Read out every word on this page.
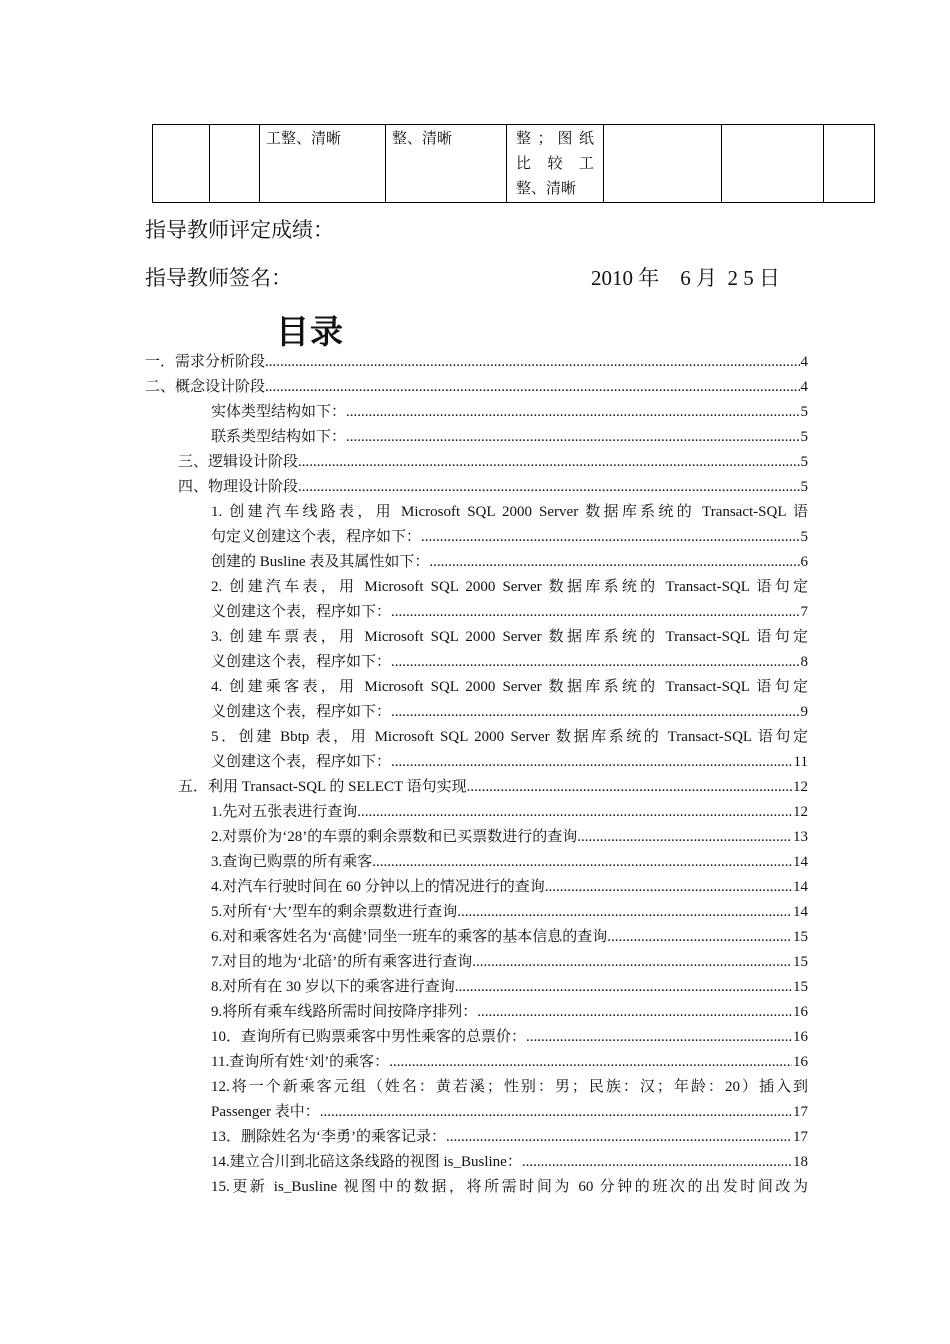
工整、清晰	整、清晰	整 ； 图 纸
比　较　工
整、清晰

指导教师评定成绩：
指导教师签名：	2010 年　6 月  2 5 日
目录
一．需求分析阶段 .....	4
二、概念设计阶段 .....	4
实体类型结构如下： .....	5
联系类型结构如下： .....	5
三、逻辑设计阶段 .....	5
四、物理设计阶段 .....	5
1. 创建汽车线路表，用 Microsoft SQL 2000 Server 数据库系统的 Transact-SQL 语
句定义创建这个表，程序如下： .....	5
创建的 Busline 表及其属性如下： .....	6
2. 创建汽车表，用 Microsoft SQL 2000 Server 数据库系统的 Transact-SQL 语句定
义创建这个表，程序如下： .....	7
3. 创建车票表，用 Microsoft SQL 2000 Server 数据库系统的 Transact-SQL 语句定
义创建这个表，程序如下： .....	8
4. 创建乘客表，用 Microsoft SQL 2000 Server 数据库系统的 Transact-SQL 语句定
义创建这个表，程序如下： .....	9
5．创建 Bbtp 表，用 Microsoft SQL 2000 Server 数据库系统的 Transact-SQL 语句定
义创建这个表，程序如下： .....	11
五．利用 Transact-SQL 的 SELECT 语句实现 .....	12
1.先对五张表进行查询 .....	12
2.对票价为‘28’的车票的剩余票数和已买票数进行的查询 .....	13
3.查询已购票的所有乘客 .....	14
4.对汽车行驶时间在 60 分钟以上的情况进行的查询 .....	14
5.对所有‘大’型车的剩余票数进行查询 .....	14
6.对和乘客姓名为‘高健’同坐一班车的乘客的基本信息的查询 .....	15
7.对目的地为‘北碚’的所有乘客进行查询 .....	15
8.对所有在 30 岁以下的乘客进行查询 .....	15
9.将所有乘车线路所需时间按降序排列： .....	16
10．查询所有已购票乘客中男性乘客的总票价： .....	16
11.查询所有姓‘刘’的乘客： .....	16
12.将一个新乘客元组（姓名：黄若溪；性别：男；民族：汉；年龄：20）插入到
Passenger 表中： .....	17
13．删除姓名为‘李勇’的乘客记录： .....	17
14.建立合川到北碚这条线路的视图 is_Busline： .....	18
15.更新 is_Busline 视图中的数据，将所需时间为 60 分钟的班次的出发时间改为
